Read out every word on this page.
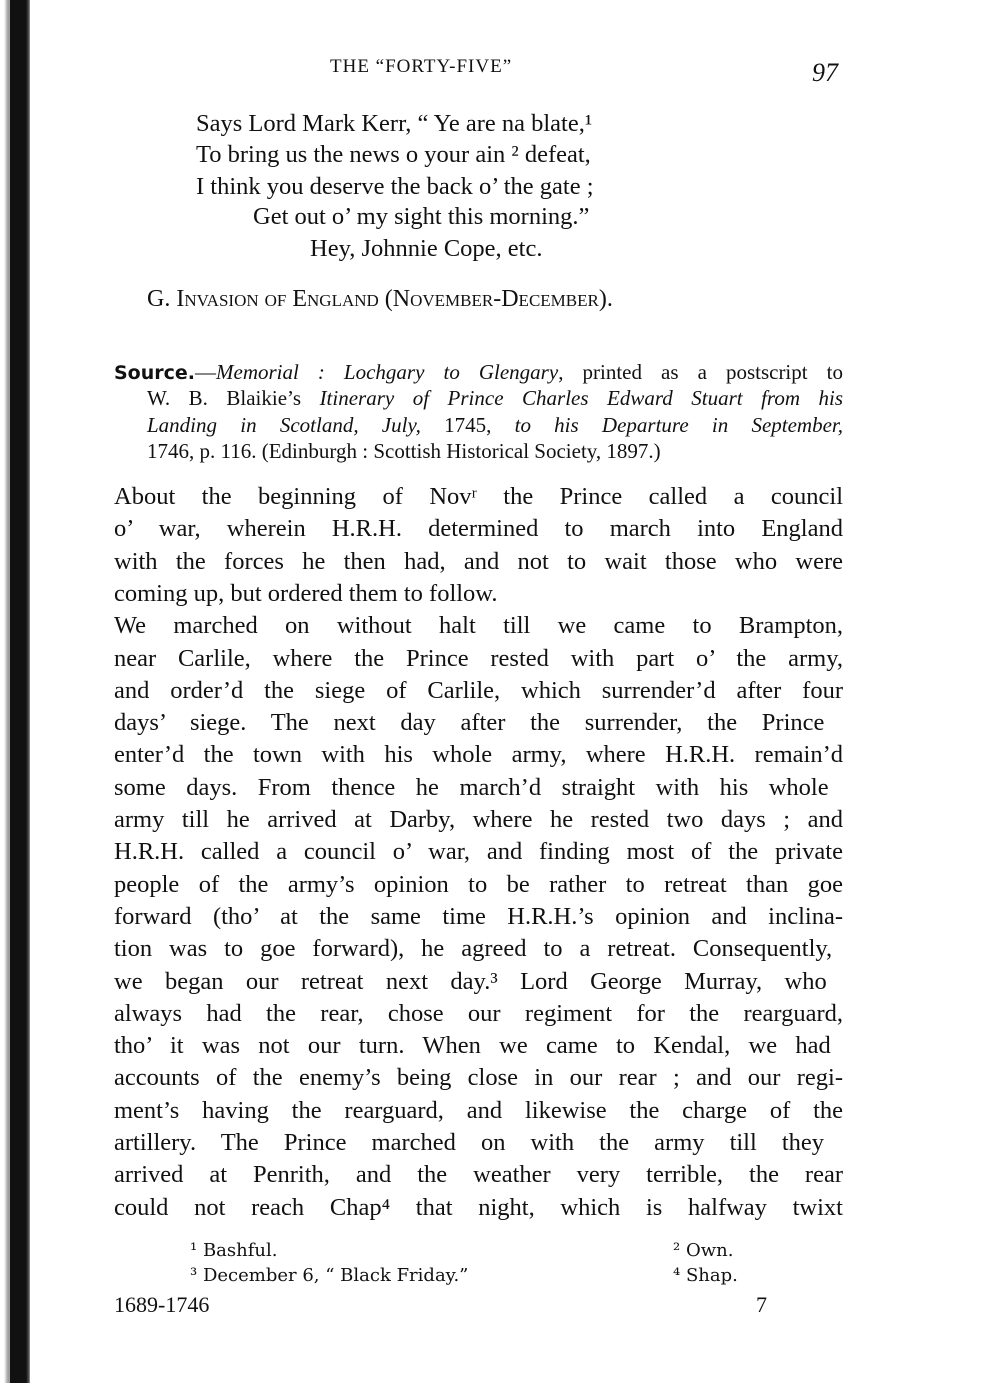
THE “FORTY-FIVE”	97
Says Lord Mark Kerr, “ Ye are na blate,¹
To bring us the news o your ain ² defeat,
I think you deserve the back o’ the gate ;
Get out o’ my sight this morning.”
Hey, Johnnie Cope, etc.
G. Invasion of England (November-December).
Source.—Memorial : Lochgary to Glengary, printed as a postscript to
W. B. Blaikie’s Itinerary of Prince Charles Edward Stuart from his
Landing in Scotland, July, 1745, to his Departure in September,
1746, p. 116. (Edinburgh : Scottish Historical Society, 1897.)
About the beginning of Novʳ the Prince called a council
o’ war, wherein H.R.H. determined to march into England
with the forces he then had, and not to wait those who were
coming up, but ordered them to follow.
We marched on without halt till we came to Brampton,
near Carlile, where the Prince rested with part o’ the army,
and order’d the siege of Carlile, which surrender’d after four
days’ siege. The next day after the surrender, the Prince
enter’d the town with his whole army, where H.R.H. remain’d
some days. From thence he march’d straight with his whole
army till he arrived at Darby, where he rested two days ; and
H.R.H. called a council o’ war, and finding most of the private
people of the army’s opinion to be rather to retreat than goe
forward (tho’ at the same time H.R.H.’s opinion and inclina-
tion was to goe forward), he agreed to a retreat. Consequently,
we began our retreat next day.³ Lord George Murray, who
always had the rear, chose our regiment for the rearguard,
tho’ it was not our turn. When we came to Kendal, we had
accounts of the enemy’s being close in our rear ; and our regi-
ment’s having the rearguard, and likewise the charge of the
artillery. The Prince marched on with the army till they
arrived at Penrith, and the weather very terrible, the rear
could not reach Chap⁴ that night, which is halfway twixt
¹ Bashful.	² Own.
³ December 6, “ Black Friday.”	⁴ Shap.
1689-1746	7
